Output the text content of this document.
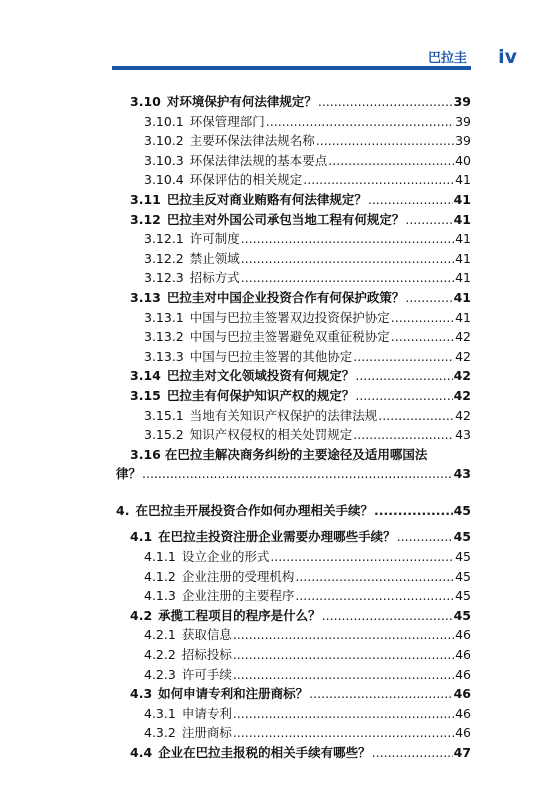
巴拉圭 iv
3.10 对环境保护有何法律规定？ .....	39
3.10.1 环保管理部门 .....	39
3.10.2 主要环保法律法规名称 .....	39
3.10.3 环保法律法规的基本要点 .....	40
3.10.4 环保评估的相关规定 .....	41
3.11 巴拉圭反对商业贿赂有何法律规定？ .....	41
3.12 巴拉圭对外国公司承包当地工程有何规定？ .....	41
3.12.1 许可制度 .....	41
3.12.2 禁止领域 .....	41
3.12.3 招标方式 .....	41
3.13 巴拉圭对中国企业投资合作有何保护政策？ .....	41
3.13.1 中国与巴拉圭签署双边投资保护协定 .....	41
3.13.2 中国与巴拉圭签署避免双重征税协定 .....	42
3.13.3 中国与巴拉圭签署的其他协定 .....	42
3.14 巴拉圭对文化领域投资有何规定？ .....	42
3.15 巴拉圭有何保护知识产权的规定？ .....	42
3.15.1 当地有关知识产权保护的法律法规 .....	42
3.15.2 知识产权侵权的相关处罚规定 .....	43
3.16 在巴拉圭解决商务纠纷的主要途径及适用哪国法
律？ .....	43
4. 在巴拉圭开展投资合作如何办理相关手续？ .....	45
4.1 在巴拉圭投资注册企业需要办理哪些手续？ .....	45
4.1.1 设立企业的形式 .....	45
4.1.2 企业注册的受理机构 .....	45
4.1.3 企业注册的主要程序 .....	45
4.2 承揽工程项目的程序是什么？ .....	45
4.2.1 获取信息 .....	46
4.2.2 招标投标 .....	46
4.2.3 许可手续 .....	46
4.3 如何申请专利和注册商标？ .....	46
4.3.1 申请专利 .....	46
4.3.2 注册商标 .....	46
4.4 企业在巴拉圭报税的相关手续有哪些？ .....	47
